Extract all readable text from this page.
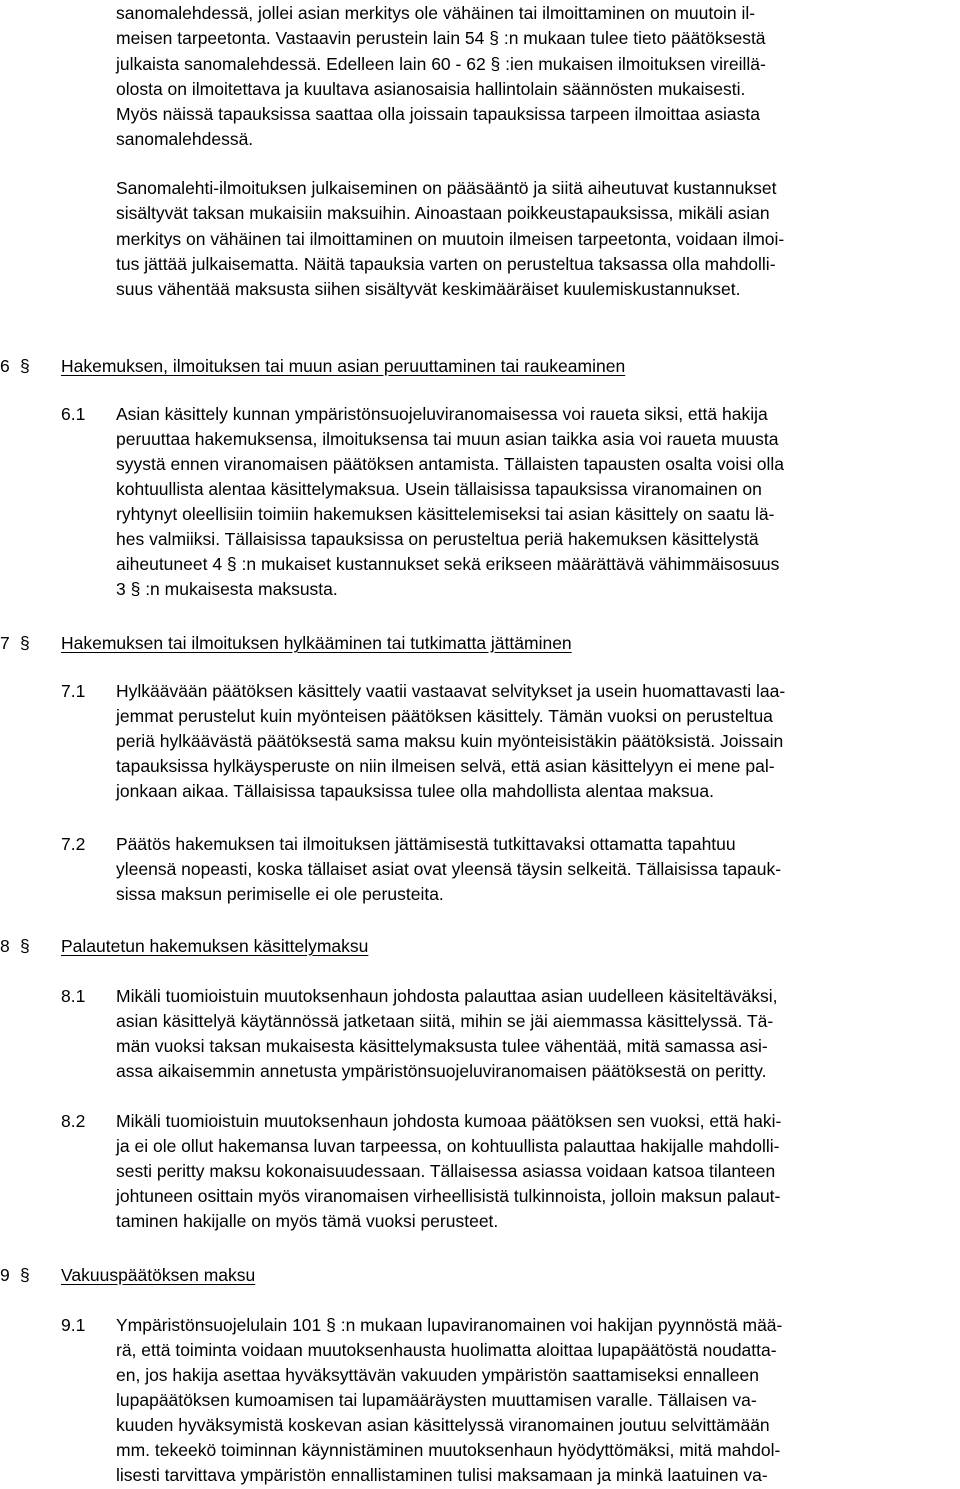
sanomalehdessä, jollei asian merkitys ole vähäinen tai ilmoittaminen on muutoin il-
meisen tarpeetonta. Vastaavin perustein lain 54 § :n mukaan tulee tieto päätöksestä
julkaista sanomalehdessä. Edelleen lain 60 - 62 § :ien mukaisen ilmoituksen vireillä-
olosta on ilmoitettava ja kuultava asianosaisia hallintolain säännösten mukaisesti.
Myös näissä tapauksissa saattaa olla joissain tapauksissa tarpeen ilmoittaa asiasta
sanomalehdessä.
Sanomalehti-ilmoituksen julkaiseminen on pääsääntö ja siitä aiheutuvat kustannukset
sisältyvät taksan mukaisiin maksuihin. Ainoastaan poikkeustapauksissa, mikäli asian
merkitys on vähäinen tai ilmoittaminen on muutoin ilmeisen tarpeetonta, voidaan ilmoi-
tus jättää julkaisematta. Näitä tapauksia varten on perusteltua taksassa olla mahdolli-
suus vähentää maksusta siihen sisältyvät keskimääräiset kuulemiskustannukset.
6 § Hakemuksen, ilmoituksen tai muun asian peruuttaminen tai raukeaminen
6.1 Asian käsittely kunnan ympäristönsuojeluviranomaisessa voi raueta siksi, että hakija
peruuttaa hakemuksensa, ilmoituksensa tai muun asian taikka asia voi raueta muusta
syystä ennen viranomaisen päätöksen antamista. Tällaisten tapausten osalta voisi olla
kohtuullista alentaa käsittelymaksua. Usein tällaisissa tapauksissa viranomainen on
ryhtynyt oleellisiin toimiin hakemuksen käsittelemiseksi tai asian käsittely on saatu lä-
hes valmiiksi. Tällaisissa tapauksissa on perusteltua periä hakemuksen käsittelystä
aiheutuneet 4 § :n mukaiset kustannukset sekä erikseen määrättävä vähimmäisosuus
3 § :n mukaisesta maksusta.
7 § Hakemuksen tai ilmoituksen hylkääminen tai tutkimatta jättäminen
7.1 Hylkäävään päätöksen käsittely vaatii vastaavat selvitykset ja usein huomattavasti laa-
jemmat perustelut kuin myönteisen päätöksen käsittely. Tämän vuoksi on perusteltua
periä hylkäävästä päätöksestä sama maksu kuin myönteisistäkin päätöksistä. Joissain
tapauksissa hylkäysperuste on niin ilmeisen selvä, että asian käsittelyyn ei mene pal-
jonkaan aikaa. Tällaisissa tapauksissa tulee olla mahdollista alentaa maksua.
7.2 Päätös hakemuksen tai ilmoituksen jättämisestä tutkittavaksi ottamatta tapahtuu
yleensä nopeasti, koska tällaiset asiat ovat yleensä täysin selkeitä. Tällaisissa tapauk-
sissa maksun perimiselle ei ole perusteita.
8 § Palautetun hakemuksen käsittelymaksu
8.1 Mikäli tuomioistuin muutoksenhaun johdosta palauttaa asian uudelleen käsiteltäväksi,
asian käsittelyä käytännössä jatketaan siitä, mihin se jäi aiemmassa käsittelyssä. Tä-
män vuoksi taksan mukaisesta käsittelymaksusta tulee vähentää, mitä samassa asi-
assa aikaisemmin annetusta ympäristönsuojeluviranomaisen päätöksestä on peritty.
8.2 Mikäli tuomioistuin muutoksenhaun johdosta kumoaa päätöksen sen vuoksi, että haki-
ja ei ole ollut hakemansa luvan tarpeessa, on kohtuullista palauttaa hakijalle mahdolli-
sesti peritty maksu kokonaisuudessaan. Tällaisessa asiassa voidaan katsoa tilanteen
johtuneen osittain myös viranomaisen virheellisistä tulkinnoista, jolloin maksun palaut-
taminen hakijalle on myös tämä vuoksi perusteet.
9 § Vakuuspäätöksen maksu
9.1 Ympäristönsuojelulain 101 § :n mukaan lupaviranomainen voi hakijan pyynnöstä mää-
rä, että toiminta voidaan muutoksenhausta huolimatta aloittaa lupapäätöstä noudatta-
en, jos hakija asettaa hyväksyttävän vakuuden ympäristön saattamiseksi ennalleen
lupapäätöksen kumoamisen tai lupamääräysten muuttamisen varalle. Tällaisen va-
kuuden hyväksymistä koskevan asian käsittelyssä viranomainen joutuu selvittämään
mm. tekeekö toiminnan käynnistäminen muutoksenhaun hyödyttömäksi, mitä mahdol-
lisesti tarvittava ympäristön ennallistaminen tulisi maksamaan ja minkä laatuinen va-
